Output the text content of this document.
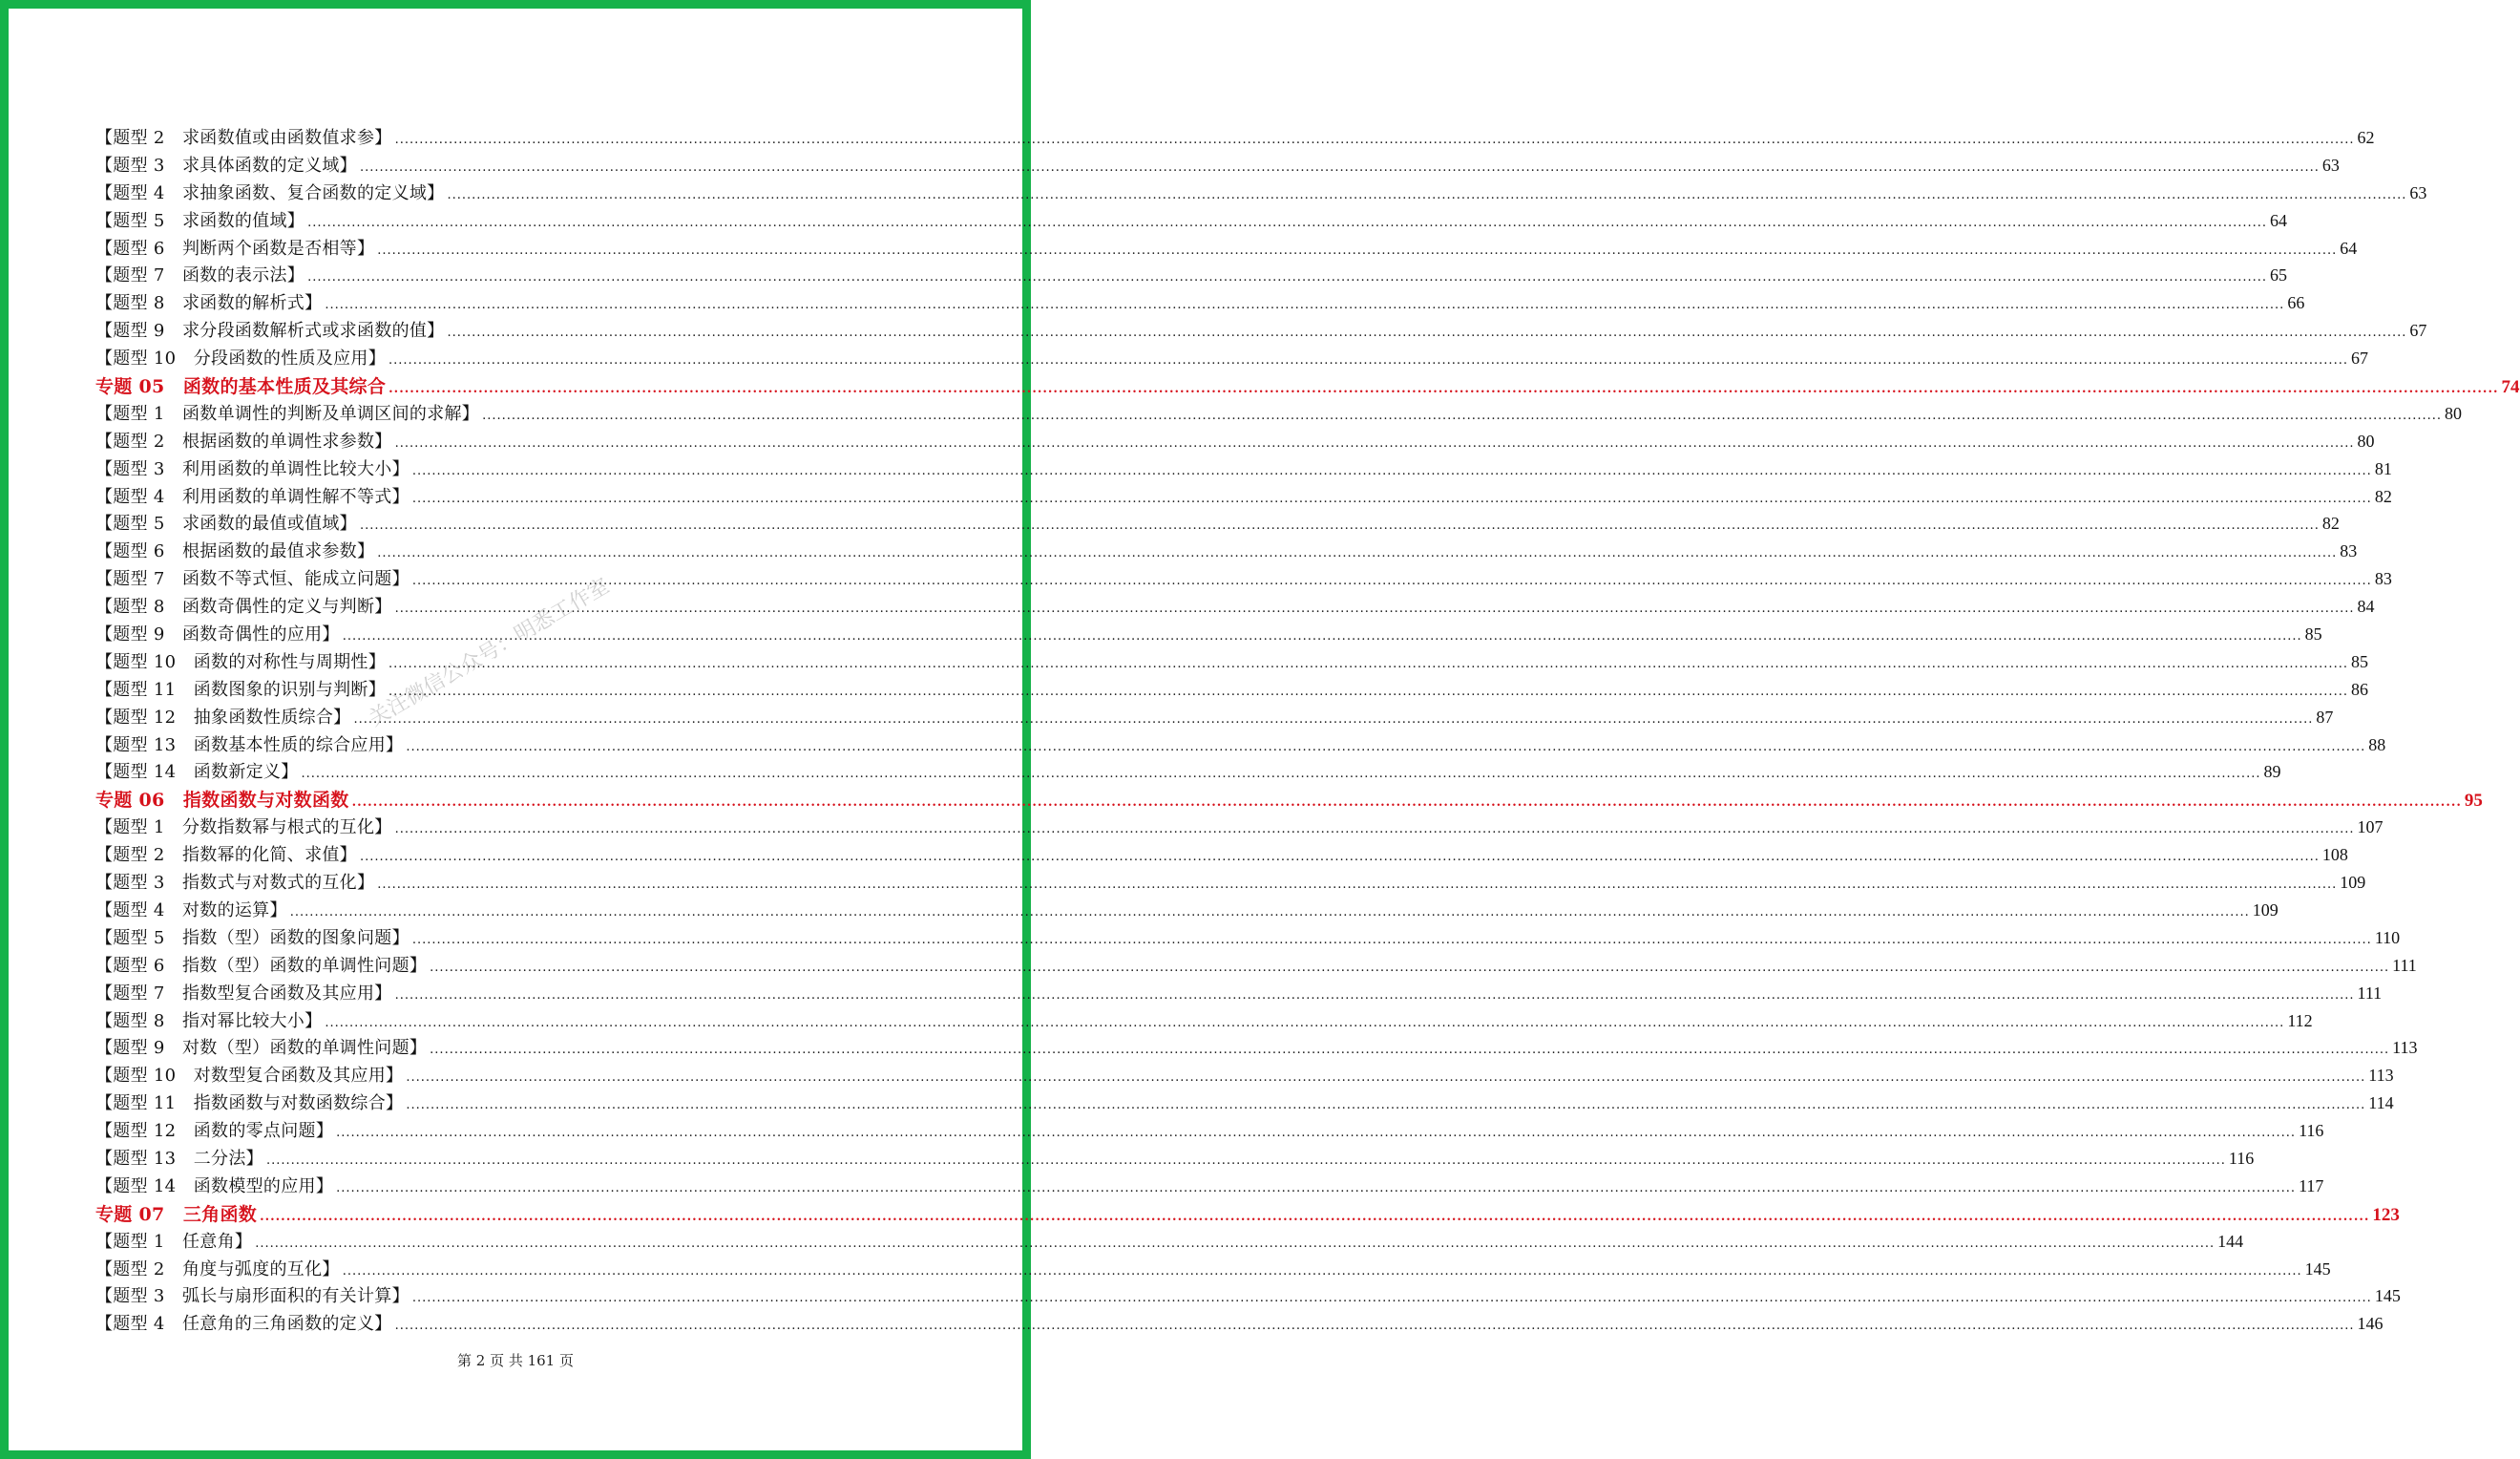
【题型 2　求函数值或由函数值求参】 ................................................................................................................................................................................................................................................................................................................................................................................................................ 62
【题型 3　求具体函数的定义域】 ................................................................................................................................................................................................................................................................................................................................................................................................................ 63
【题型 4　求抽象函数、复合函数的定义域】 ................................................................................................................................................................................................................................................................................................................................................................................................................ 63
【题型 5　求函数的值域】 ................................................................................................................................................................................................................................................................................................................................................................................................................ 64
【题型 6　判断两个函数是否相等】 ................................................................................................................................................................................................................................................................................................................................................................................................................ 64
【题型 7　函数的表示法】 ................................................................................................................................................................................................................................................................................................................................................................................................................ 65
【题型 8　求函数的解析式】 ................................................................................................................................................................................................................................................................................................................................................................................................................ 66
【题型 9　求分段函数解析式或求函数的值】 ................................................................................................................................................................................................................................................................................................................................................................................................................ 67
【题型 10　分段函数的性质及应用】 ................................................................................................................................................................................................................................................................................................................................................................................................................ 67
专题 05　函数的基本性质及其综合 ................................................................................................................................................................................................................................................................................................................................................................................................................ 74
【题型 1　函数单调性的判断及单调区间的求解】 ................................................................................................................................................................................................................................................................................................................................................................................................................ 80
【题型 2　根据函数的单调性求参数】 ................................................................................................................................................................................................................................................................................................................................................................................................................ 80
【题型 3　利用函数的单调性比较大小】 ................................................................................................................................................................................................................................................................................................................................................................................................................ 81
【题型 4　利用函数的单调性解不等式】 ................................................................................................................................................................................................................................................................................................................................................................................................................ 82
【题型 5　求函数的最值或值域】 ................................................................................................................................................................................................................................................................................................................................................................................................................ 82
【题型 6　根据函数的最值求参数】 ................................................................................................................................................................................................................................................................................................................................................................................................................ 83
【题型 7　函数不等式恒、能成立问题】 ................................................................................................................................................................................................................................................................................................................................................................................................................ 83
【题型 8　函数奇偶性的定义与判断】 ................................................................................................................................................................................................................................................................................................................................................................................................................ 84
【题型 9　函数奇偶性的应用】 ................................................................................................................................................................................................................................................................................................................................................................................................................ 85
【题型 10　函数的对称性与周期性】 ................................................................................................................................................................................................................................................................................................................................................................................................................ 85
【题型 11　函数图象的识别与判断】 ................................................................................................................................................................................................................................................................................................................................................................................................................ 86
【题型 12　抽象函数性质综合】 ................................................................................................................................................................................................................................................................................................................................................................................................................ 87
【题型 13　函数基本性质的综合应用】 ................................................................................................................................................................................................................................................................................................................................................................................................................ 88
【题型 14　函数新定义】 ................................................................................................................................................................................................................................................................................................................................................................................................................ 89
专题 06　指数函数与对数函数 ................................................................................................................................................................................................................................................................................................................................................................................................................ 95
【题型 1　分数指数幂与根式的互化】 ................................................................................................................................................................................................................................................................................................................................................................................................................ 107
【题型 2　指数幂的化简、求值】 ................................................................................................................................................................................................................................................................................................................................................................................................................ 108
【题型 3　指数式与对数式的互化】 ................................................................................................................................................................................................................................................................................................................................................................................................................ 109
【题型 4　对数的运算】 ................................................................................................................................................................................................................................................................................................................................................................................................................ 109
【题型 5　指数（型）函数的图象问题】 ................................................................................................................................................................................................................................................................................................................................................................................................................ 110
【题型 6　指数（型）函数的单调性问题】 ................................................................................................................................................................................................................................................................................................................................................................................................................ 111
【题型 7　指数型复合函数及其应用】 ................................................................................................................................................................................................................................................................................................................................................................................................................ 111
【题型 8　指对幂比较大小】 ................................................................................................................................................................................................................................................................................................................................................................................................................ 112
【题型 9　对数（型）函数的单调性问题】 ................................................................................................................................................................................................................................................................................................................................................................................................................ 113
【题型 10　对数型复合函数及其应用】 ................................................................................................................................................................................................................................................................................................................................................................................................................ 113
【题型 11　指数函数与对数函数综合】 ................................................................................................................................................................................................................................................................................................................................................................................................................ 114
【题型 12　函数的零点问题】 ................................................................................................................................................................................................................................................................................................................................................................................................................ 116
【题型 13　二分法】 ................................................................................................................................................................................................................................................................................................................................................................................................................ 116
【题型 14　函数模型的应用】 ................................................................................................................................................................................................................................................................................................................................................................................................................ 117
专题 07　三角函数 ................................................................................................................................................................................................................................................................................................................................................................................................................ 123
【题型 1　任意角】 ................................................................................................................................................................................................................................................................................................................................................................................................................ 144
【题型 2　角度与弧度的互化】 ................................................................................................................................................................................................................................................................................................................................................................................................................ 145
【题型 3　弧长与扇形面积的有关计算】 ................................................................................................................................................................................................................................................................................................................................................................................................................ 145
【题型 4　任意角的三角函数的定义】 ................................................................................................................................................................................................................................................................................................................................................................................................................ 146
关注微信公众号：明悉工作室
第 2 页 共 161 页
